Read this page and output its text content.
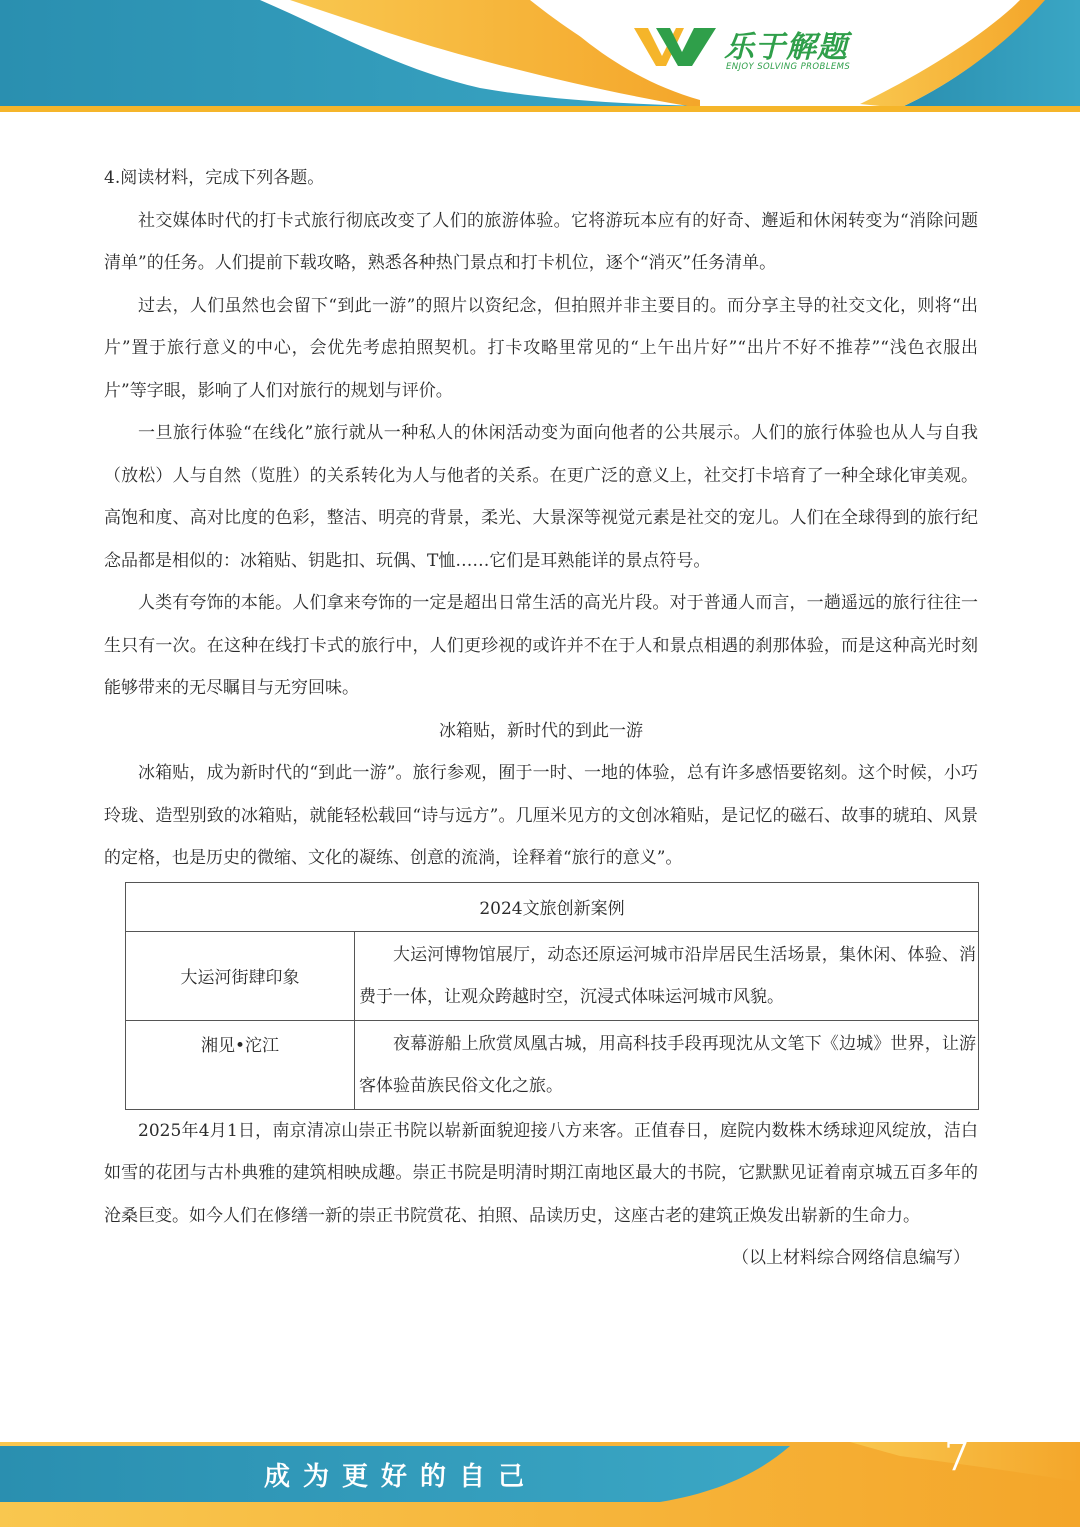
乐于解题
ENJOY SOLVING PROBLEMS

4.阅读材料，完成下列各题。

社交媒体时代的打卡式旅行彻底改变了人们的旅游体验。它将游玩本应有的好奇、邂逅和休闲转变为“消除问题清单”的任务。人们提前下载攻略，熟悉各种热门景点和打卡机位，逐个“消灭”任务清单。

过去，人们虽然也会留下“到此一游”的照片以资纪念，但拍照并非主要目的。而分享主导的社交文化，则将“出片”置于旅行意义的中心，会优先考虑拍照契机。打卡攻略里常见的“上午出片好”“出片不好不推荐”“浅色衣服出片”等字眼，影响了人们对旅行的规划与评价。

一旦旅行体验“在线化”旅行就从一种私人的休闲活动变为面向他者的公共展示。人们的旅行体验也从人与自我（放松）人与自然（览胜）的关系转化为人与他者的关系。在更广泛的意义上，社交打卡培育了一种全球化审美观。高饱和度、高对比度的色彩，整洁、明亮的背景，柔光、大景深等视觉元素是社交的宠儿。人们在全球得到的旅行纪念品都是相似的：冰箱贴、钥匙扣、玩偶、T恤……它们是耳熟能详的景点符号。

人类有夸饰的本能。人们拿来夸饰的一定是超出日常生活的高光片段。对于普通人而言，一趟遥远的旅行往往一生只有一次。在这种在线打卡式的旅行中，人们更珍视的或许并不在于人和景点相遇的刹那体验，而是这种高光时刻能够带来的无尽瞩目与无穷回味。

冰箱贴，新时代的到此一游

冰箱贴，成为新时代的“到此一游”。旅行参观，囿于一时、一地的体验，总有许多感悟要铭刻。这个时候，小巧玲珑、造型别致的冰箱贴，就能轻松载回“诗与远方”。几厘米见方的文创冰箱贴，是记忆的磁石、故事的琥珀、风景的定格，也是历史的微缩、文化的凝练、创意的流淌，诠释着“旅行的意义”。

2024文旅创新案例	
大运河街肆印象	大运河博物馆展厅，动态还原运河城市沿岸居民生活场景，集休闲、体验、消费于一体，让观众跨越时空，沉浸式体味运河城市风貌。
湘见•沱江	夜幕游船上欣赏凤凰古城，用高科技手段再现沈从文笔下《边城》世界，让游客体验苗族民俗文化之旅。

2025年4月1日，南京清凉山崇正书院以崭新面貌迎接八方来客。正值春日，庭院内数株木绣球迎风绽放，洁白如雪的花团与古朴典雅的建筑相映成趣。崇正书院是明清时期江南地区最大的书院，它默默见证着南京城五百多年的沧桑巨变。如今人们在修缮一新的崇正书院赏花、拍照、品读历史，这座古老的建筑正焕发出崭新的生命力。

（以上材料综合网络信息编写）

成为更好的自己	7
